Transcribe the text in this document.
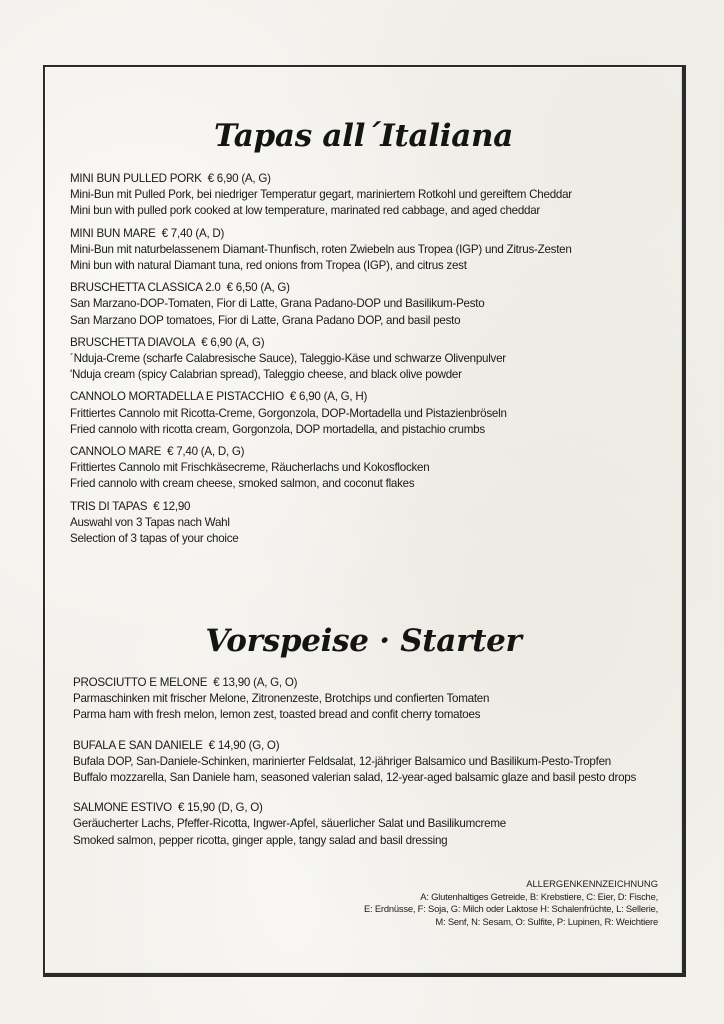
Tapas all´Italiana
MINI BUN PULLED PORK € 6,90 (A, G)
Mini-Bun mit Pulled Pork, bei niedriger Temperatur gegart, mariniertem Rotkohl und gereiftem Cheddar
Mini bun with pulled pork cooked at low temperature, marinated red cabbage, and aged cheddar
MINI BUN MARE € 7,40 (A, D)
Mini-Bun mit naturbelassenem Diamant-Thunfisch, roten Zwiebeln aus Tropea (IGP) und Zitrus-Zesten
Mini bun with natural Diamant tuna, red onions from Tropea (IGP), and citrus zest
BRUSCHETTA CLASSICA 2.0 € 6,50 (A, G)
San Marzano-DOP-Tomaten, Fior di Latte, Grana Padano-DOP und Basilikum-Pesto
San Marzano DOP tomatoes, Fior di Latte, Grana Padano DOP, and basil pesto
BRUSCHETTA DIAVOLA € 6,90 (A, G)
´Nduja-Creme (scharfe Calabresische Sauce), Taleggio-Käse und schwarze Olivenpulver
'Nduja cream (spicy Calabrian spread), Taleggio cheese, and black olive powder
CANNOLO MORTADELLA E PISTACCHIO € 6,90 (A, G, H)
Frittiertes Cannolo mit Ricotta-Creme, Gorgonzola, DOP-Mortadella und Pistazienbröseln
Fried cannolo with ricotta cream, Gorgonzola, DOP mortadella, and pistachio crumbs
CANNOLO MARE € 7,40 (A, D, G)
Frittiertes Cannolo mit Frischkäsecreme, Räucherlachs und Kokosflocken
Fried cannolo with cream cheese, smoked salmon, and coconut flakes
TRIS DI TAPAS € 12,90
Auswahl von 3 Tapas nach Wahl
Selection of 3 tapas of your choice
Vorspeise · Starter
PROSCIUTTO E MELONE € 13,90 (A, G, O)
Parmaschinken mit frischer Melone, Zitronenzeste, Brotchips und confierten Tomaten
Parma ham with fresh melon, lemon zest, toasted bread and confit cherry tomatoes
BUFALA E SAN DANIELE € 14,90 (G, O)
Bufala DOP, San-Daniele-Schinken, marinierter Feldsalat, 12-jähriger Balsamico und Basilikum-Pesto-Tropfen
Buffalo mozzarella, San Daniele ham, seasoned valerian salad, 12-year-aged balsamic glaze and basil pesto drops
SALMONE ESTIVO € 15,90 (D, G, O)
Geräucherter Lachs, Pfeffer-Ricotta, Ingwer-Apfel, säuerlicher Salat und Basilikumcreme
Smoked salmon, pepper ricotta, ginger apple, tangy salad and basil dressing
ALLERGENKENNZEICHNUNG
A: Glutenhaltiges Getreide, B: Krebstiere, C: Eier, D: Fische,
E: Erdnüsse, F: Soja, G: Milch oder Laktose H: Schalenfrüchte, L: Sellerie,
M: Senf, N: Sesam, O: Sulfite, P: Lupinen, R: Weichtiere
